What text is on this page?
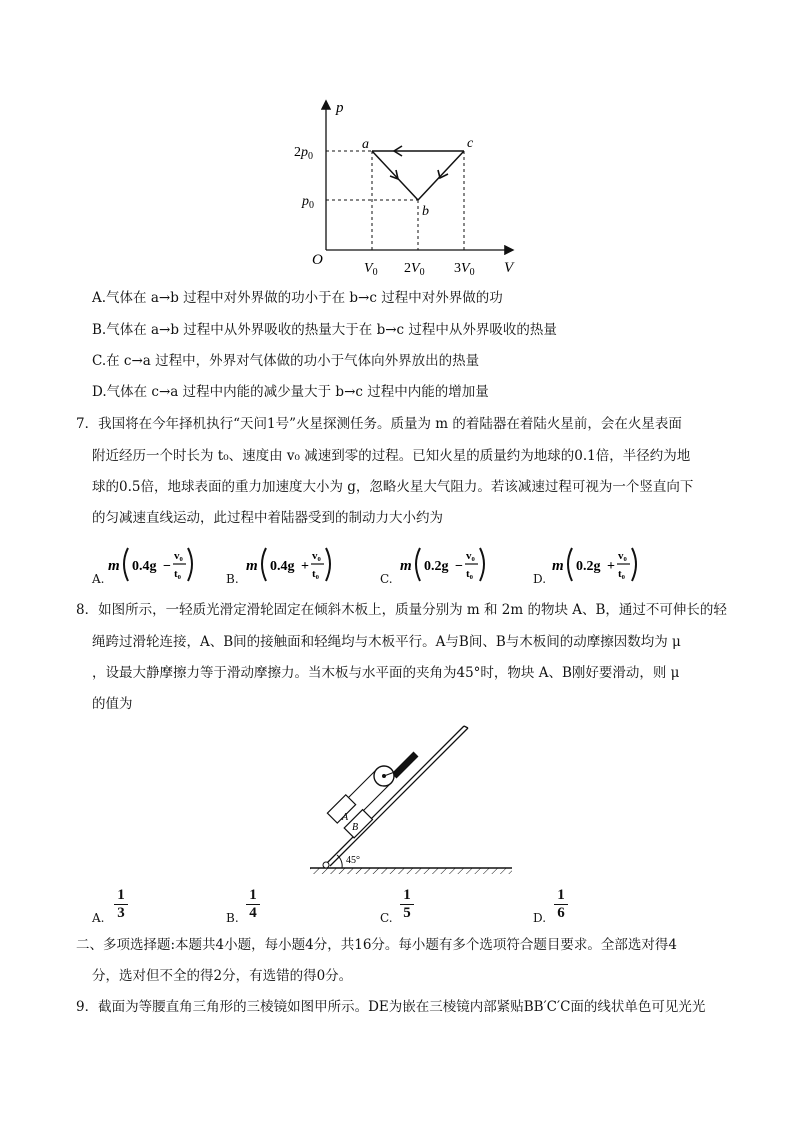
p
V
O
$2p_0$
$p_0$
$V_0$ $2V_0$ $3V_0$
a
b
c
A.气体在 a→b 过程中对外界做的功小于在 b→c 过程中对外界做的功
D.气体在 c→a 过程中内能的减少量大于 b→c 过程中内能的增加量
C.在 c→a 过程中，外界对气体做的功小于气体向外界放出的热量
B.气体在 a→b 过程中从外界吸收的热量大于在 b→c 过程中从外界吸收的热量
7．我国将在今年择机执行“天问1号”火星探测任务。质量为 m 的着陆器在着陆火星前，会在火星表面
附近经历一个时长为 t₀、速度由 v₀ 减速到零的过程。已知火星的质量约为地球的0.1倍，半径约为地
球的0.5倍，地球表面的重力加速度大小为 g，忽略火星大气阻力。若该减速过程可视为一个竖直向下
的匀减速直线运动，此过程中着陆器受到的制动力大小约为
A.	B.	C.	D.
m 0.4g −
v₀
t₀	m 0.4g +
v₀
t₀	m 0.2g −
v₀
t₀	m 0.2g +
v₀
t₀
8．如图所示，一轻质光滑定滑轮固定在倾斜木板上，质量分别为 m 和 2m 的物块 A、B，通过不可伸长的轻
绳跨过滑轮连接，A、B间的接触面和轻绳均与木板平行。A与B间、B与木板间的动摩擦因数均为 μ
，设最大静摩擦力等于滑动摩擦力。当木板与水平面的夹角为45°时，物块 A、B刚好要滑动，则 μ
的值为
45°
A
B
A. $\frac{1}{3}$	B. $\frac{1}{4}$	C. $\frac{1}{5}$	D. $\frac{1}{6}$
二、多项选择题:本题共4小题，每小题4分，共16分。每小题有多个选项符合题目要求。全部选对得4
分，选对但不全的得2分，有选错的得0分。
9．截面为等腰直角三角形的三棱镜如图甲所示。DE为嵌在三棱镜内部紧贴BB′C′C面的线状单色可见光光
